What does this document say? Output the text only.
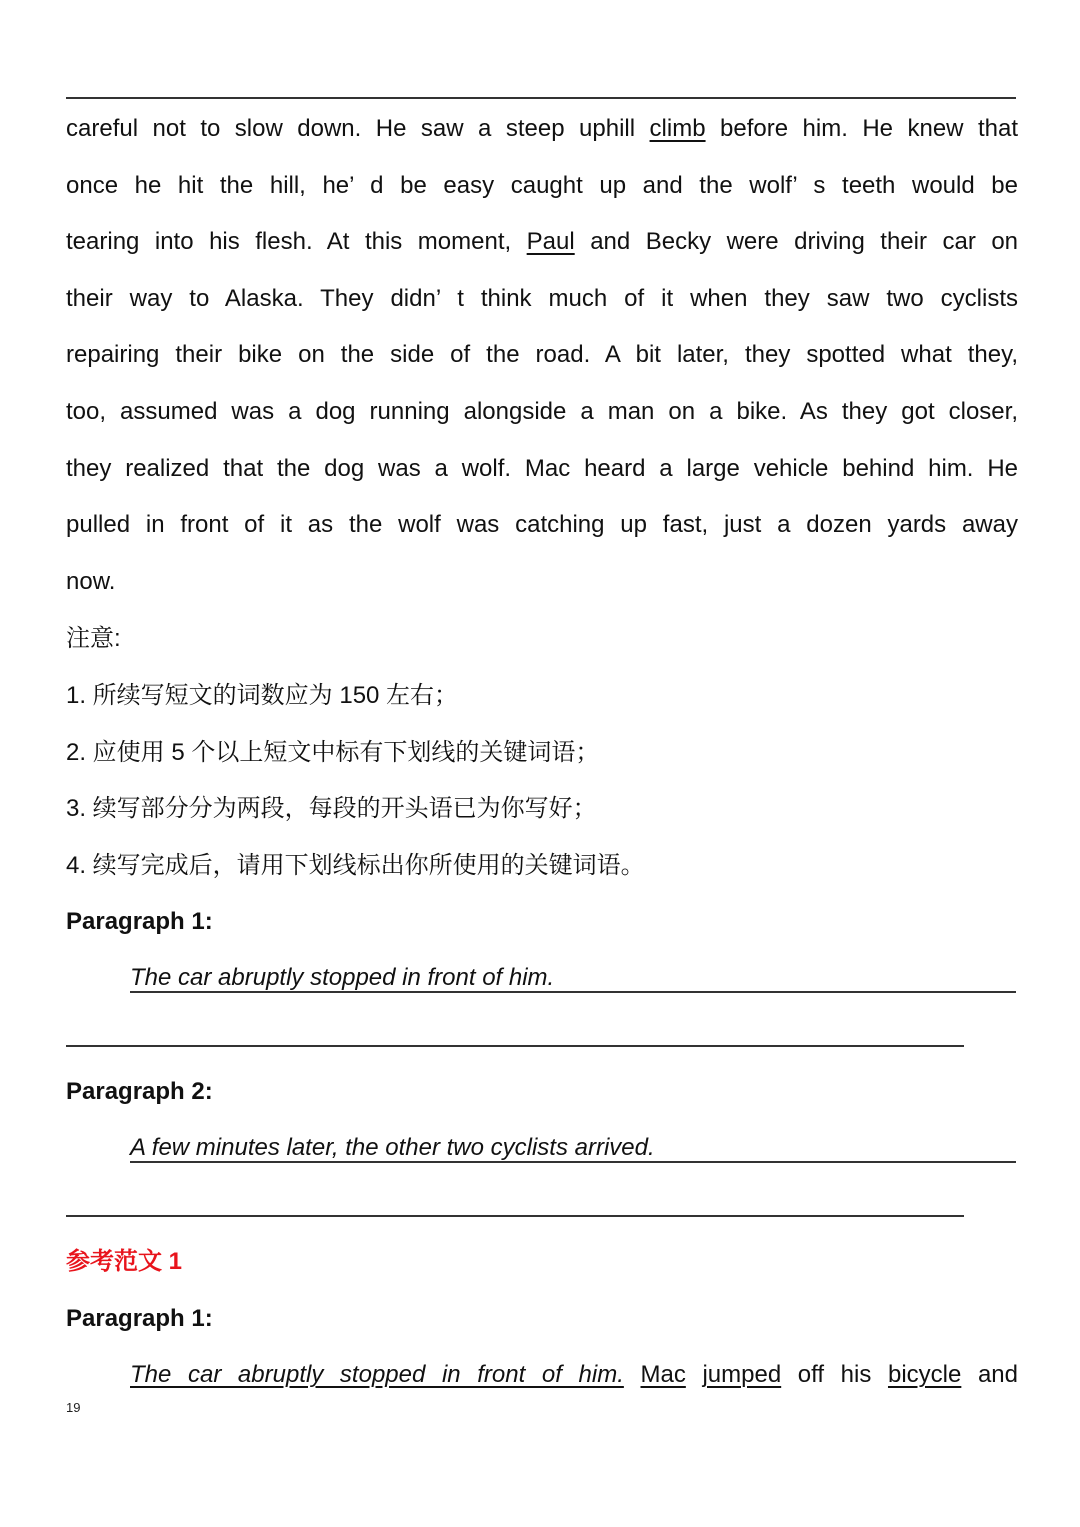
careful not to slow down. He saw a steep uphill climb before him. He knew that
once he hit the hill, he’ d be easy caught up and the wolf’ s teeth would be
tearing into his flesh. At this moment, Paul and Becky were driving their car on
their way to Alaska. They didn’ t think much of it when they saw two cyclists
repairing their bike on the side of the road. A bit later, they spotted what they,
too, assumed was a dog running alongside a man on a bike. As they got closer,
they realized that the dog was a wolf. Mac heard a large vehicle behind him. He
pulled in front of it as the wolf was catching up fast, just a dozen yards away
now.
注意:
1. 所续写短文的词数应为 150 左右；
2. 应使用 5 个以上短文中标有下划线的关键词语；
3. 续写部分分为两段，每段的开头语已为你写好；
4. 续写完成后，请用下划线标出你所使用的关键词语。
Paragraph 1:
The car abruptly stopped in front of him.
Paragraph 2:
A few minutes later, the other two cyclists arrived.
参考范文 1
Paragraph 1:
The car abruptly stopped in front of him. Mac jumped off his bicycle and
19
